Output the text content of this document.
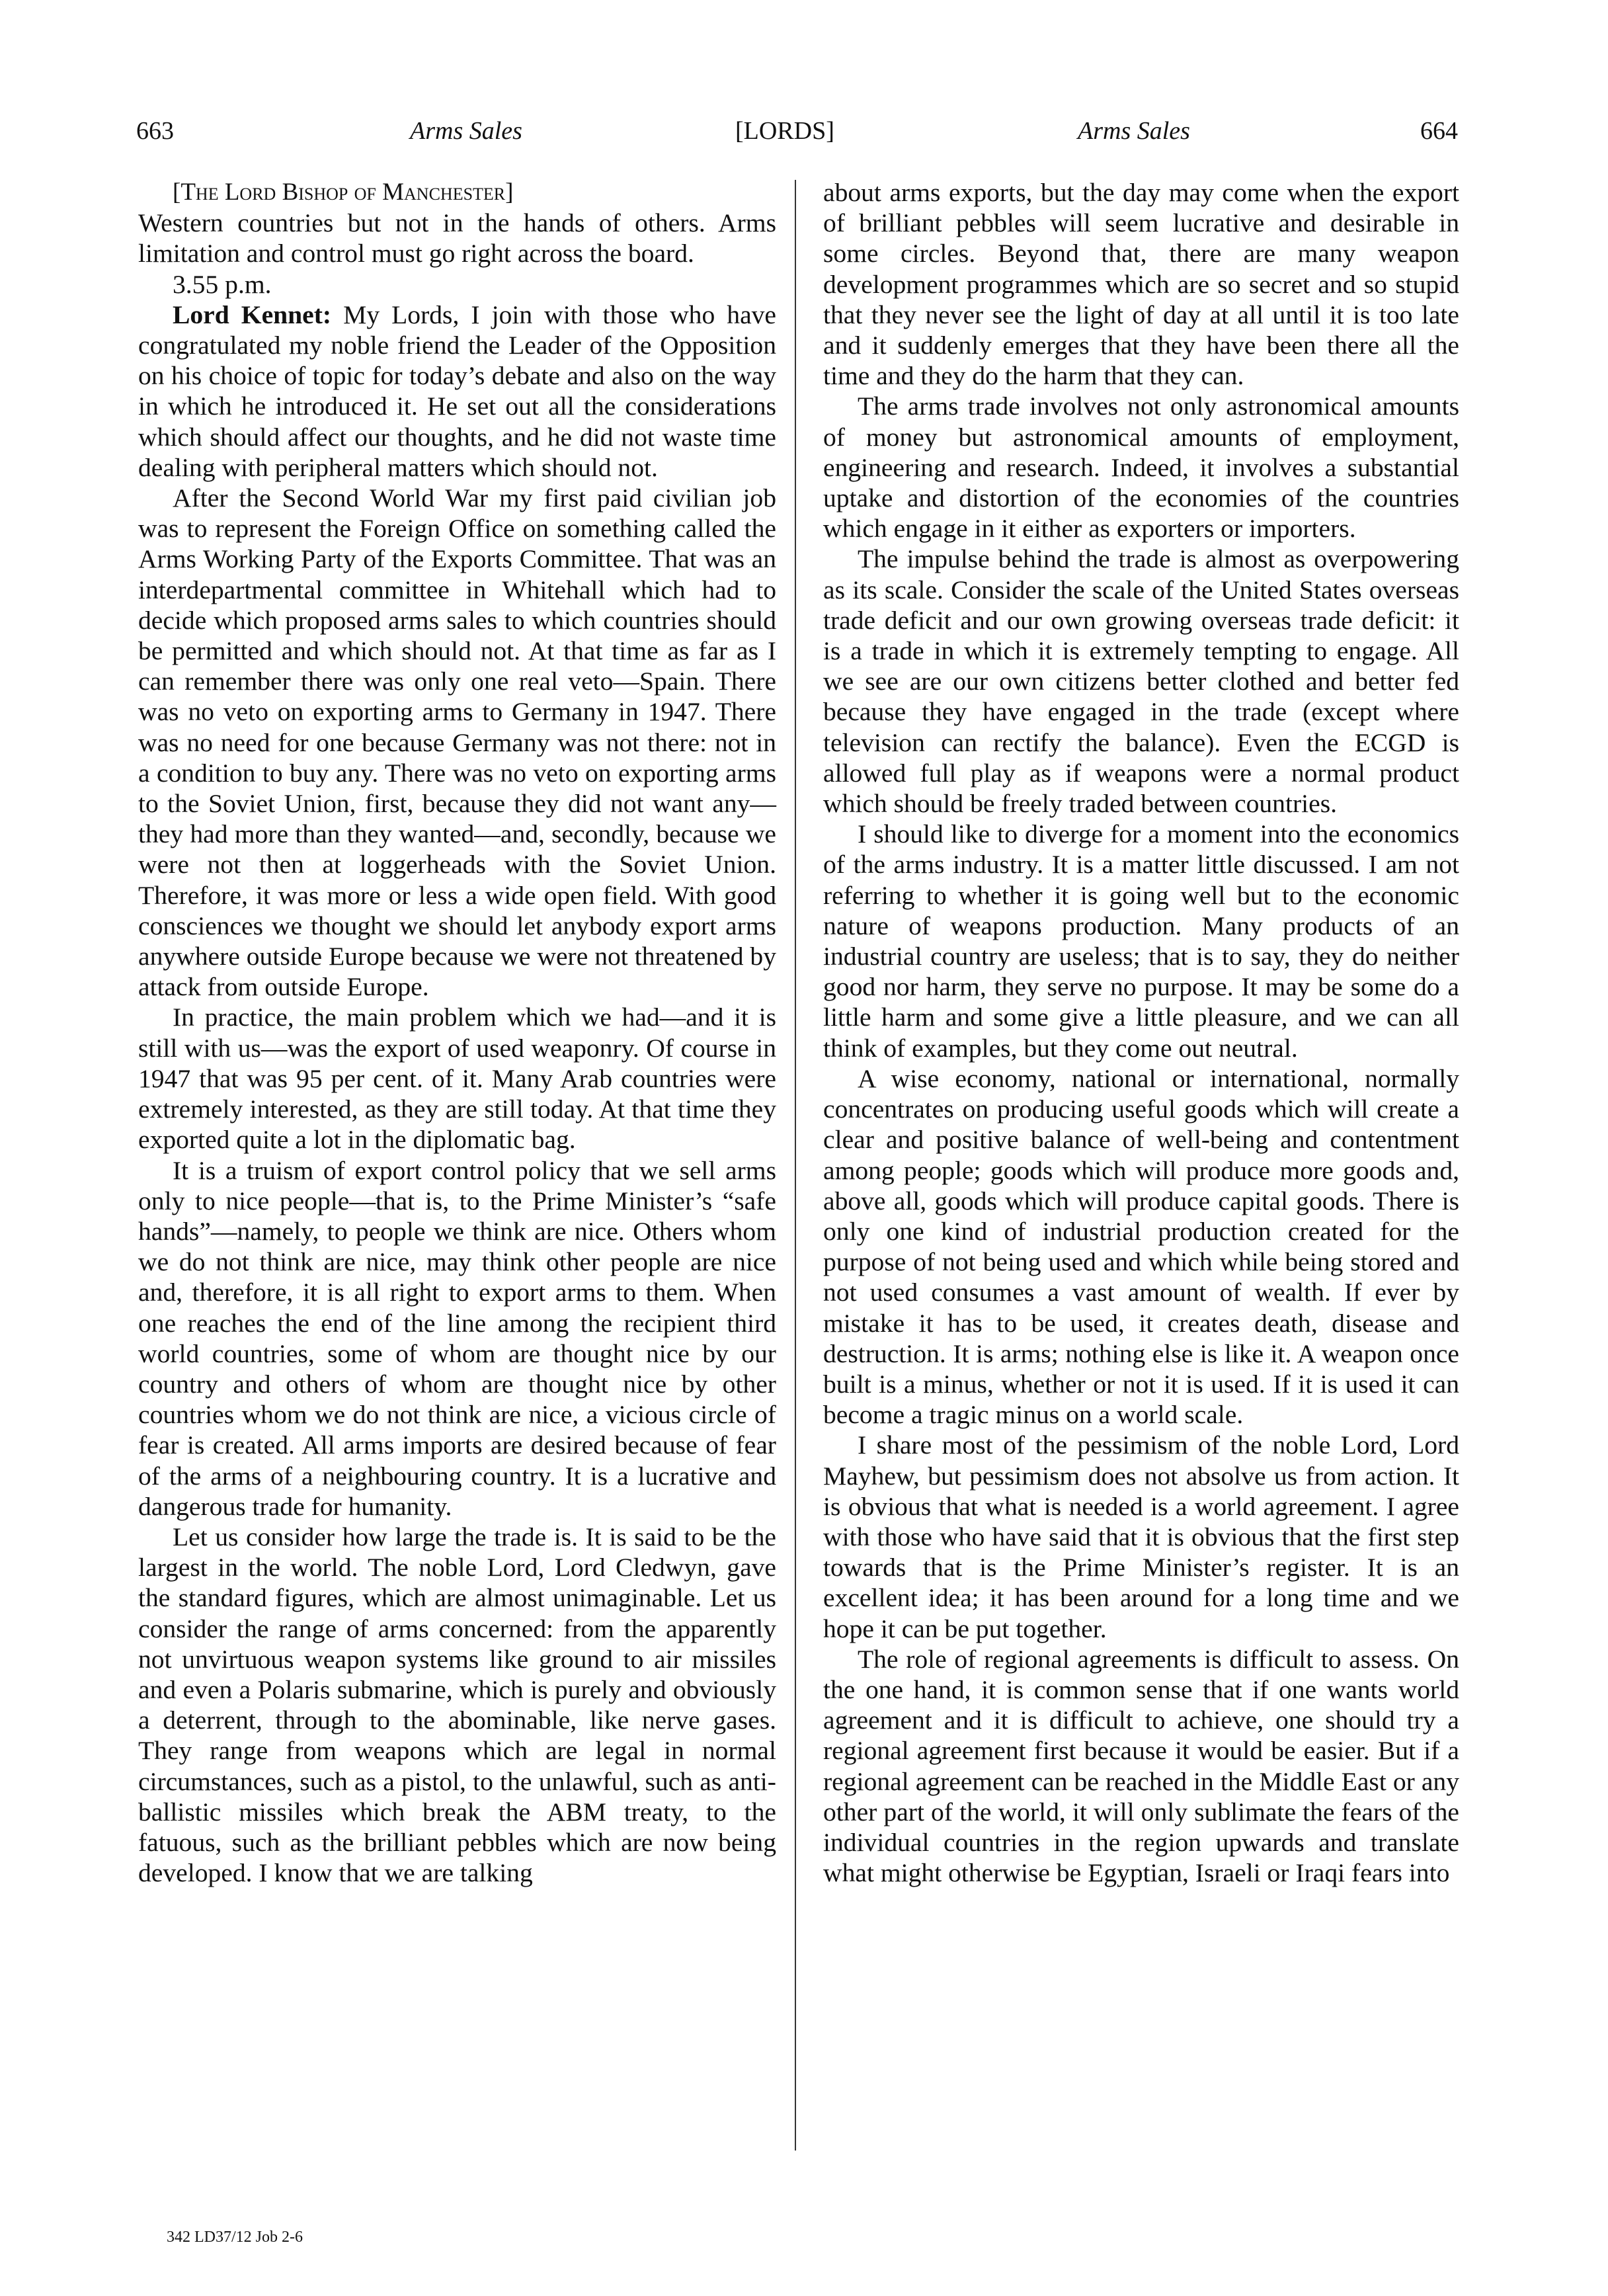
663	Arms Sales	[LORDS]	Arms Sales	664

[The Lord Bishop of Manchester]

Western countries but not in the hands of others. Arms limitation and control must go right across the board.

3.55 p.m.

Lord Kennet: My Lords, I join with those who have congratulated my noble friend the Leader of the Opposition on his choice of topic for today’s debate and also on the way in which he introduced it. He set out all the considerations which should affect our thoughts, and he did not waste time dealing with peripheral matters which should not.

After the Second World War my first paid civilian job was to represent the Foreign Office on something called the Arms Working Party of the Exports Committee. That was an interdepartmental committee in Whitehall which had to decide which proposed arms sales to which countries should be permitted and which should not. At that time as far as I can remember there was only one real veto—Spain. There was no veto on exporting arms to Germany in 1947. There was no need for one because Germany was not there: not in a condition to buy any. There was no veto on exporting arms to the Soviet Union, first, because they did not want any—they had more than they wanted—and, secondly, because we were not then at loggerheads with the Soviet Union. Therefore, it was more or less a wide open field. With good consciences we thought we should let anybody export arms anywhere outside Europe because we were not threatened by attack from outside Europe.

In practice, the main problem which we had—and it is still with us—was the export of used weaponry. Of course in 1947 that was 95 per cent. of it. Many Arab countries were extremely interested, as they are still today. At that time they exported quite a lot in the diplomatic bag.

It is a truism of export control policy that we sell arms only to nice people—that is, to the Prime Minister’s “safe hands”—namely, to people we think are nice. Others whom we do not think are nice, may think other people are nice and, therefore, it is all right to export arms to them. When one reaches the end of the line among the recipient third world countries, some of whom are thought nice by our country and others of whom are thought nice by other countries whom we do not think are nice, a vicious circle of fear is created. All arms imports are desired because of fear of the arms of a neighbouring country. It is a lucrative and dangerous trade for humanity.

Let us consider how large the trade is. It is said to be the largest in the world. The noble Lord, Lord Cledwyn, gave the standard figures, which are almost unimaginable. Let us consider the range of arms concerned: from the apparently not unvirtuous weapon systems like ground to air missiles and even a Polaris submarine, which is purely and obviously a deterrent, through to the abominable, like nerve gases. They range from weapons which are legal in normal circumstances, such as a pistol, to the unlawful, such as anti-ballistic missiles which break the ABM treaty, to the fatuous, such as the brilliant pebbles which are now being developed. I know that we are talking

about arms exports, but the day may come when the export of brilliant pebbles will seem lucrative and desirable in some circles. Beyond that, there are many weapon development programmes which are so secret and so stupid that they never see the light of day at all until it is too late and it suddenly emerges that they have been there all the time and they do the harm that they can.

The arms trade involves not only astronomical amounts of money but astronomical amounts of employment, engineering and research. Indeed, it involves a substantial uptake and distortion of the economies of the countries which engage in it either as exporters or importers.

The impulse behind the trade is almost as overpowering as its scale. Consider the scale of the United States overseas trade deficit and our own growing overseas trade deficit: it is a trade in which it is extremely tempting to engage. All we see are our own citizens better clothed and better fed because they have engaged in the trade (except where television can rectify the balance). Even the ECGD is allowed full play as if weapons were a normal product which should be freely traded between countries.

I should like to diverge for a moment into the economics of the arms industry. It is a matter little discussed. I am not referring to whether it is going well but to the economic nature of weapons production. Many products of an industrial country are useless; that is to say, they do neither good nor harm, they serve no purpose. It may be some do a little harm and some give a little pleasure, and we can all think of examples, but they come out neutral.

A wise economy, national or international, normally concentrates on producing useful goods which will create a clear and positive balance of well-being and contentment among people; goods which will produce more goods and, above all, goods which will produce capital goods. There is only one kind of industrial production created for the purpose of not being used and which while being stored and not used consumes a vast amount of wealth. If ever by mistake it has to be used, it creates death, disease and destruction. It is arms; nothing else is like it. A weapon once built is a minus, whether or not it is used. If it is used it can become a tragic minus on a world scale.

I share most of the pessimism of the noble Lord, Lord Mayhew, but pessimism does not absolve us from action. It is obvious that what is needed is a world agreement. I agree with those who have said that it is obvious that the first step towards that is the Prime Minister’s register. It is an excellent idea; it has been around for a long time and we hope it can be put together.

The role of regional agreements is difficult to assess. On the one hand, it is common sense that if one wants world agreement and it is difficult to achieve, one should try a regional agreement first because it would be easier. But if a regional agreement can be reached in the Middle East or any other part of the world, it will only sublimate the fears of the individual countries in the region upwards and translate what might otherwise be Egyptian, Israeli or Iraqi fears into

342 LD37/12 Job 2-6
